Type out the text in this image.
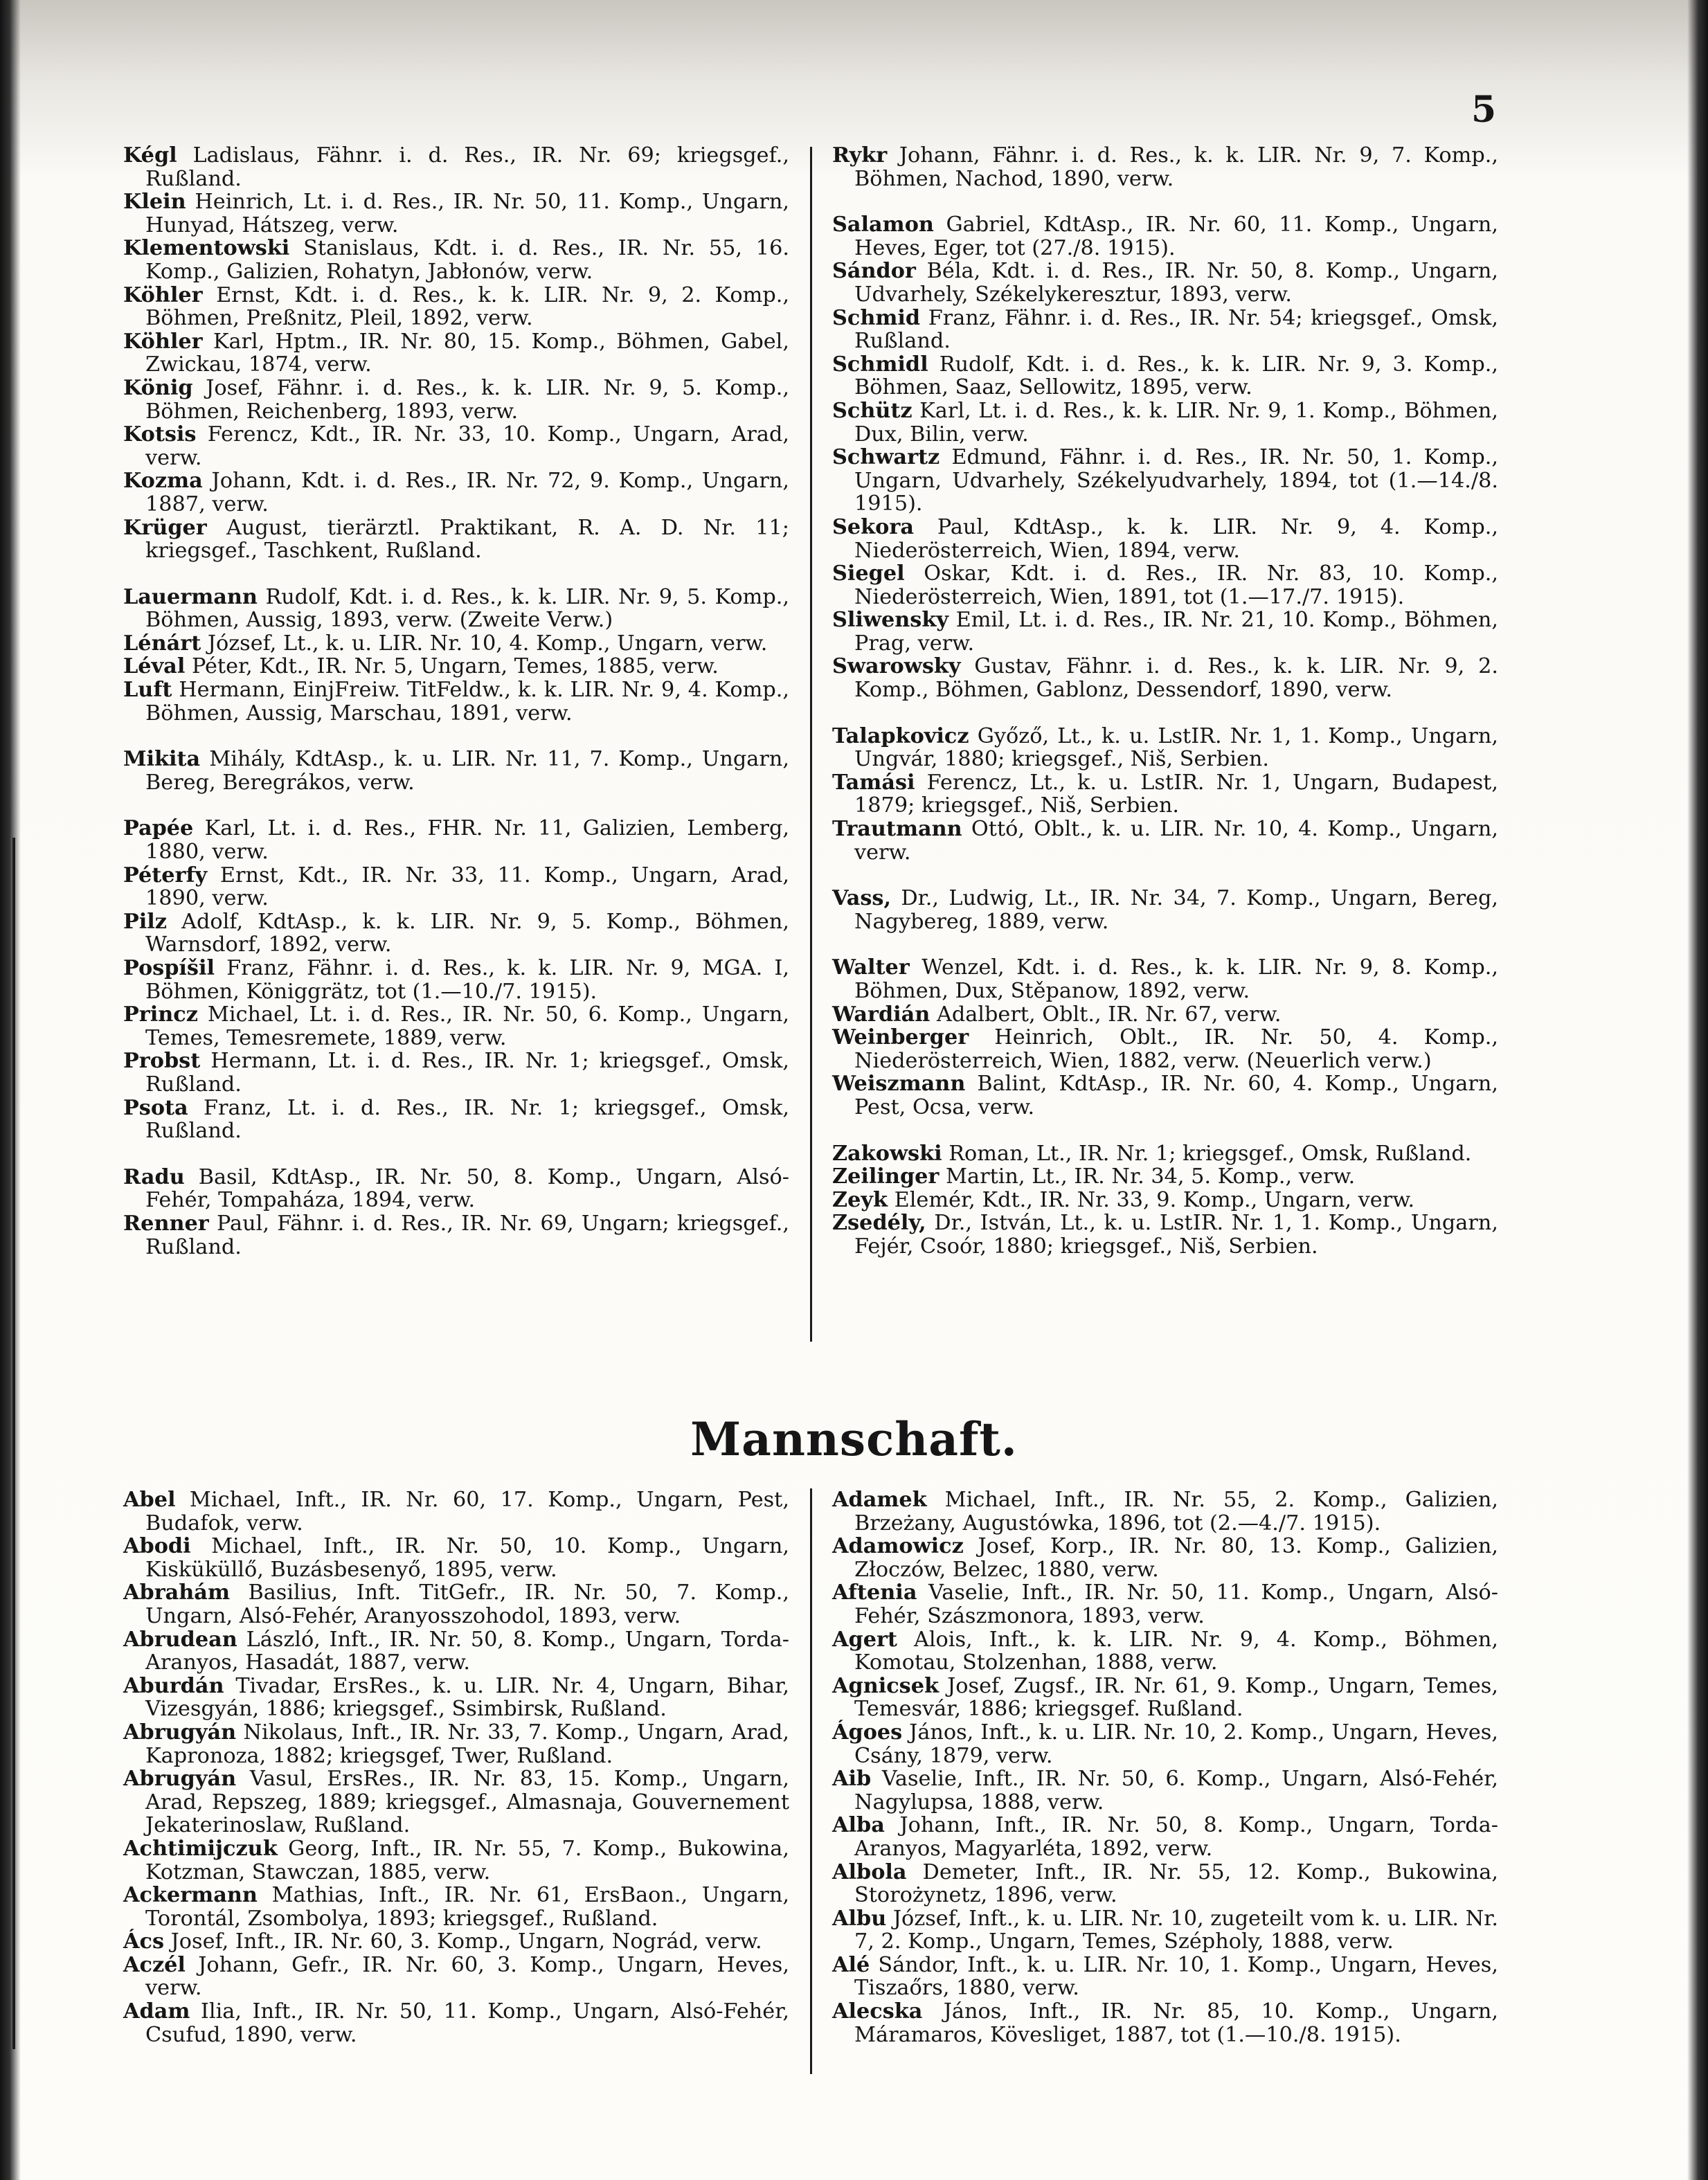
5

Kégl Ladislaus, Fähnr. i. d. Res., IR. Nr. 69; kriegsgef., Rußland.

Klein Heinrich, Lt. i. d. Res., IR. Nr. 50, 11. Komp., Ungarn, Hunyad, Hátszeg, verw.

Klementowski Stanislaus, Kdt. i. d. Res., IR. Nr. 55, 16. Komp., Galizien, Rohatyn, Jabłonów, verw.

Köhler Ernst, Kdt. i. d. Res., k. k. LIR. Nr. 9, 2. Komp., Böhmen, Preßnitz, Pleil, 1892, verw.

Köhler Karl, Hptm., IR. Nr. 80, 15. Komp., Böhmen, Gabel, Zwickau, 1874, verw.

König Josef, Fähnr. i. d. Res., k. k. LIR. Nr. 9, 5. Komp., Böhmen, Reichenberg, 1893, verw.

Kotsis Ferencz, Kdt., IR. Nr. 33, 10. Komp., Ungarn, Arad, verw.

Kozma Johann, Kdt. i. d. Res., IR. Nr. 72, 9. Komp., Ungarn, 1887, verw.

Krüger August, tierärztl. Praktikant, R. A. D. Nr. 11; kriegsgef., Taschkent, Rußland.

Lauermann Rudolf, Kdt. i. d. Res., k. k. LIR. Nr. 9, 5. Komp., Böhmen, Aussig, 1893, verw. (Zweite Verw.)

Lénárt József, Lt., k. u. LIR. Nr. 10, 4. Komp., Ungarn, verw.

Léval Péter, Kdt., IR. Nr. 5, Ungarn, Temes, 1885, verw.

Luft Hermann, EinjFreiw. TitFeldw., k. k. LIR. Nr. 9, 4. Komp., Böhmen, Aussig, Marschau, 1891, verw.

Mikita Mihály, KdtAsp., k. u. LIR. Nr. 11, 7. Komp., Ungarn, Bereg, Beregrákos, verw.

Papée Karl, Lt. i. d. Res., FHR. Nr. 11, Galizien, Lemberg, 1880, verw.

Péterfy Ernst, Kdt., IR. Nr. 33, 11. Komp., Ungarn, Arad, 1890, verw.

Pilz Adolf, KdtAsp., k. k. LIR. Nr. 9, 5. Komp., Böhmen, Warnsdorf, 1892, verw.

Pospíšil Franz, Fähnr. i. d. Res., k. k. LIR. Nr. 9, MGA. I, Böhmen, Königgrätz, tot (1.—10./7. 1915).

Princz Michael, Lt. i. d. Res., IR. Nr. 50, 6. Komp., Ungarn, Temes, Temesremete, 1889, verw.

Probst Hermann, Lt. i. d. Res., IR. Nr. 1; kriegsgef., Omsk, Rußland.

Psota Franz, Lt. i. d. Res., IR. Nr. 1; kriegsgef., Omsk, Rußland.

Radu Basil, KdtAsp., IR. Nr. 50, 8. Komp., Ungarn, Alsó-Fehér, Tompaháza, 1894, verw.

Renner Paul, Fähnr. i. d. Res., IR. Nr. 69, Ungarn; kriegsgef., Rußland.

Rykr Johann, Fähnr. i. d. Res., k. k. LIR. Nr. 9, 7. Komp., Böhmen, Nachod, 1890, verw.

Salamon Gabriel, KdtAsp., IR. Nr. 60, 11. Komp., Ungarn, Heves, Eger, tot (27./8. 1915).

Sándor Béla, Kdt. i. d. Res., IR. Nr. 50, 8. Komp., Ungarn, Udvarhely, Székelykeresztur, 1893, verw.

Schmid Franz, Fähnr. i. d. Res., IR. Nr. 54; kriegsgef., Omsk, Rußland.

Schmidl Rudolf, Kdt. i. d. Res., k. k. LIR. Nr. 9, 3. Komp., Böhmen, Saaz, Sellowitz, 1895, verw.

Schütz Karl, Lt. i. d. Res., k. k. LIR. Nr. 9, 1. Komp., Böhmen, Dux, Bilin, verw.

Schwartz Edmund, Fähnr. i. d. Res., IR. Nr. 50, 1. Komp., Ungarn, Udvarhely, Székelyudvarhely, 1894, tot (1.—14./8. 1915).

Sekora Paul, KdtAsp., k. k. LIR. Nr. 9, 4. Komp., Niederösterreich, Wien, 1894, verw.

Siegel Oskar, Kdt. i. d. Res., IR. Nr. 83, 10. Komp., Niederösterreich, Wien, 1891, tot (1.—17./7. 1915).

Sliwensky Emil, Lt. i. d. Res., IR. Nr. 21, 10. Komp., Böhmen, Prag, verw.

Swarowsky Gustav, Fähnr. i. d. Res., k. k. LIR. Nr. 9, 2. Komp., Böhmen, Gablonz, Dessendorf, 1890, verw.

Talapkovicz Győző, Lt., k. u. LstIR. Nr. 1, 1. Komp., Ungarn, Ungvár, 1880; kriegsgef., Niš, Serbien.

Tamási Ferencz, Lt., k. u. LstIR. Nr. 1, Ungarn, Budapest, 1879; kriegsgef., Niš, Serbien.

Trautmann Ottó, Oblt., k. u. LIR. Nr. 10, 4. Komp., Ungarn, verw.

Vass, Dr., Ludwig, Lt., IR. Nr. 34, 7. Komp., Ungarn, Bereg, Nagybereg, 1889, verw.

Walter Wenzel, Kdt. i. d. Res., k. k. LIR. Nr. 9, 8. Komp., Böhmen, Dux, Stěpanow, 1892, verw.

Wardián Adalbert, Oblt., IR. Nr. 67, verw.

Weinberger Heinrich, Oblt., IR. Nr. 50, 4. Komp., Niederösterreich, Wien, 1882, verw. (Neuerlich verw.)

Weiszmann Balint, KdtAsp., IR. Nr. 60, 4. Komp., Ungarn, Pest, Ocsa, verw.

Zakowski Roman, Lt., IR. Nr. 1; kriegsgef., Omsk, Rußland.

Zeilinger Martin, Lt., IR. Nr. 34, 5. Komp., verw.

Zeyk Elemér, Kdt., IR. Nr. 33, 9. Komp., Ungarn, verw.

Zsedély, Dr., István, Lt., k. u. LstIR. Nr. 1, 1. Komp., Ungarn, Fejér, Csoór, 1880; kriegsgef., Niš, Serbien.

Mannschaft.

Abel Michael, Inft., IR. Nr. 60, 17. Komp., Ungarn, Pest, Budafok, verw.

Abodi Michael, Inft., IR. Nr. 50, 10. Komp., Ungarn, Kisküküllő, Buzásbesenyő, 1895, verw.

Abrahám Basilius, Inft. TitGefr., IR. Nr. 50, 7. Komp., Ungarn, Alsó-Fehér, Aranyosszohodol, 1893, verw.

Abrudean László, Inft., IR. Nr. 50, 8. Komp., Ungarn, Torda-Aranyos, Hasadát, 1887, verw.

Aburdán Tivadar, ErsRes., k. u. LIR. Nr. 4, Ungarn, Bihar, Vizesgyán, 1886; kriegsgef., Ssimbirsk, Rußland.

Abrugyán Nikolaus, Inft., IR. Nr. 33, 7. Komp., Ungarn, Arad, Kapronoza, 1882; kriegsgef, Twer, Rußland.

Abrugyán Vasul, ErsRes., IR. Nr. 83, 15. Komp., Ungarn, Arad, Repszeg, 1889; kriegsgef., Almasnaja, Gouvernement Jekaterinoslaw, Rußland.

Achtimijczuk Georg, Inft., IR. Nr. 55, 7. Komp., Bukowina, Kotzman, Stawczan, 1885, verw.

Ackermann Mathias, Inft., IR. Nr. 61, ErsBaon., Ungarn, Torontál, Zsombolya, 1893; kriegsgef., Rußland.

Ács Josef, Inft., IR. Nr. 60, 3. Komp., Ungarn, Nográd, verw.

Aczél Johann, Gefr., IR. Nr. 60, 3. Komp., Ungarn, Heves, verw.

Adam Ilia, Inft., IR. Nr. 50, 11. Komp., Ungarn, Alsó-Fehér, Csufud, 1890, verw.

Adamek Michael, Inft., IR. Nr. 55, 2. Komp., Galizien, Brzeżany, Augustówka, 1896, tot (2.—4./7. 1915).

Adamowicz Josef, Korp., IR. Nr. 80, 13. Komp., Galizien, Złoczów, Belzec, 1880, verw.

Aftenia Vaselie, Inft., IR. Nr. 50, 11. Komp., Ungarn, Alsó-Fehér, Szászmonora, 1893, verw.

Agert Alois, Inft., k. k. LIR. Nr. 9, 4. Komp., Böhmen, Komotau, Stolzenhan, 1888, verw.

Agnicsek Josef, Zugsf., IR. Nr. 61, 9. Komp., Ungarn, Temes, Temesvár, 1886; kriegsgef. Rußland.

Ágoes János, Inft., k. u. LIR. Nr. 10, 2. Komp., Ungarn, Heves, Csány, 1879, verw.

Aib Vaselie, Inft., IR. Nr. 50, 6. Komp., Ungarn, Alsó-Fehér, Nagylupsa, 1888, verw.

Alba Johann, Inft., IR. Nr. 50, 8. Komp., Ungarn, Torda-Aranyos, Magyarléta, 1892, verw.

Albola Demeter, Inft., IR. Nr. 55, 12. Komp., Bukowina, Storożynetz, 1896, verw.

Albu József, Inft., k. u. LIR. Nr. 10, zugeteilt vom k. u. LIR. Nr. 7, 2. Komp., Ungarn, Temes, Szépholy, 1888, verw.

Alé Sándor, Inft., k. u. LIR. Nr. 10, 1. Komp., Ungarn, Heves, Tiszaőrs, 1880, verw.

Alecska János, Inft., IR. Nr. 85, 10. Komp., Ungarn, Máramaros, Kövesliget, 1887, tot (1.—10./8. 1915).
